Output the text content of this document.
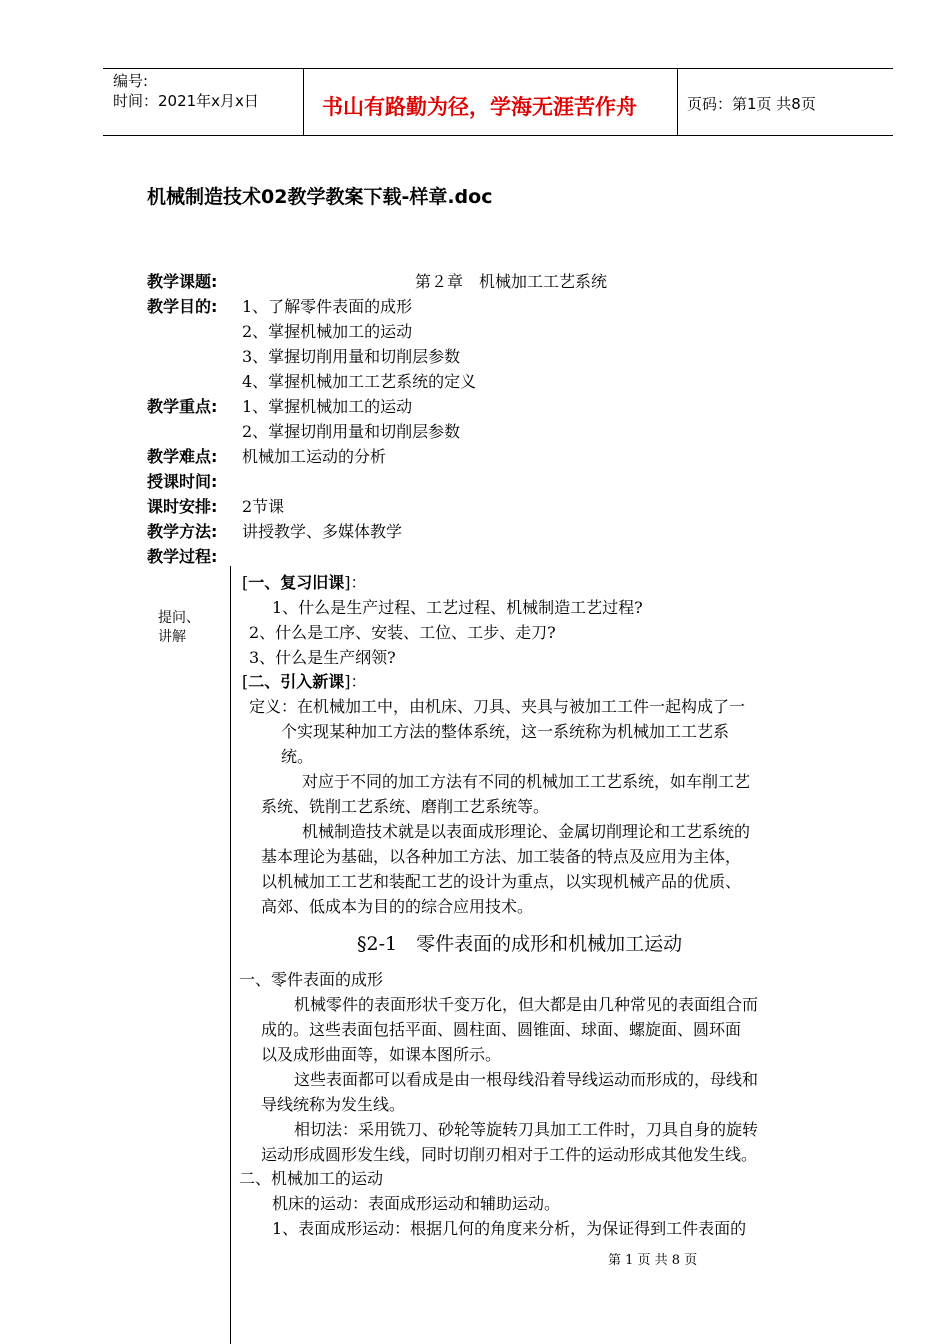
编号:
时间：2021年x月x日	书山有路勤为径，学海无涯苦作舟	页码：第1页 共8页
机械制造技术02教学教案下载-样章.doc
教学课题:	第２章　机械加工工艺系统
教学目的: 1、了解零件表面的成形
2、掌握机械加工的运动
3、掌握切削用量和切削层参数
4、掌握机械加工工艺系统的定义
教学重点: 1、掌握机械加工的运动
2、掌握切削用量和切削层参数
教学难点: 机械加工运动的分析
授课时间:
课时安排: 2节课
教学方法: 讲授教学、多媒体教学
教学过程:
提问、
讲解
[一、复习旧课]：
1、什么是生产过程、工艺过程、机械制造工艺过程?
2、什么是工序、安装、工位、工步、走刀?
3、什么是生产纲领?
[二、引入新课]：
定义：在机械加工中，由机床、刀具、夹具与被加工工件一起构成了一
个实现某种加工方法的整体系统，这一系统称为机械加工工艺系
统。
对应于不同的加工方法有不同的机械加工工艺系统，如车削工艺
系统、铣削工艺系统、磨削工艺系统等。
机械制造技术就是以表面成形理论、金属切削理论和工艺系统的
基本理论为基础，以各种加工方法、加工装备的特点及应用为主体，
以机械加工工艺和装配工艺的设计为重点，以实现机械产品的优质、
高郊、低成本为目的的综合应用技术。
§2-1　零件表面的成形和机械加工运动
一、零件表面的成形
机械零件的表面形状千变万化，但大都是由几种常见的表面组合而
成的。这些表面包括平面、圆柱面、圆锥面、球面、螺旋面、圆环面
以及成形曲面等，如课本图所示。
这些表面都可以看成是由一根母线沿着导线运动而形成的，母线和
导线统称为发生线。
相切法：采用铣刀、砂轮等旋转刀具加工工件时，刀具自身的旋转
运动形成圆形发生线，同时切削刃相对于工件的运动形成其他发生线。
二、机械加工的运动
机床的运动：表面成形运动和辅助运动。
1、表面成形运动：根据几何的角度来分析，为保证得到工件表面的
第 1 页 共 8 页
